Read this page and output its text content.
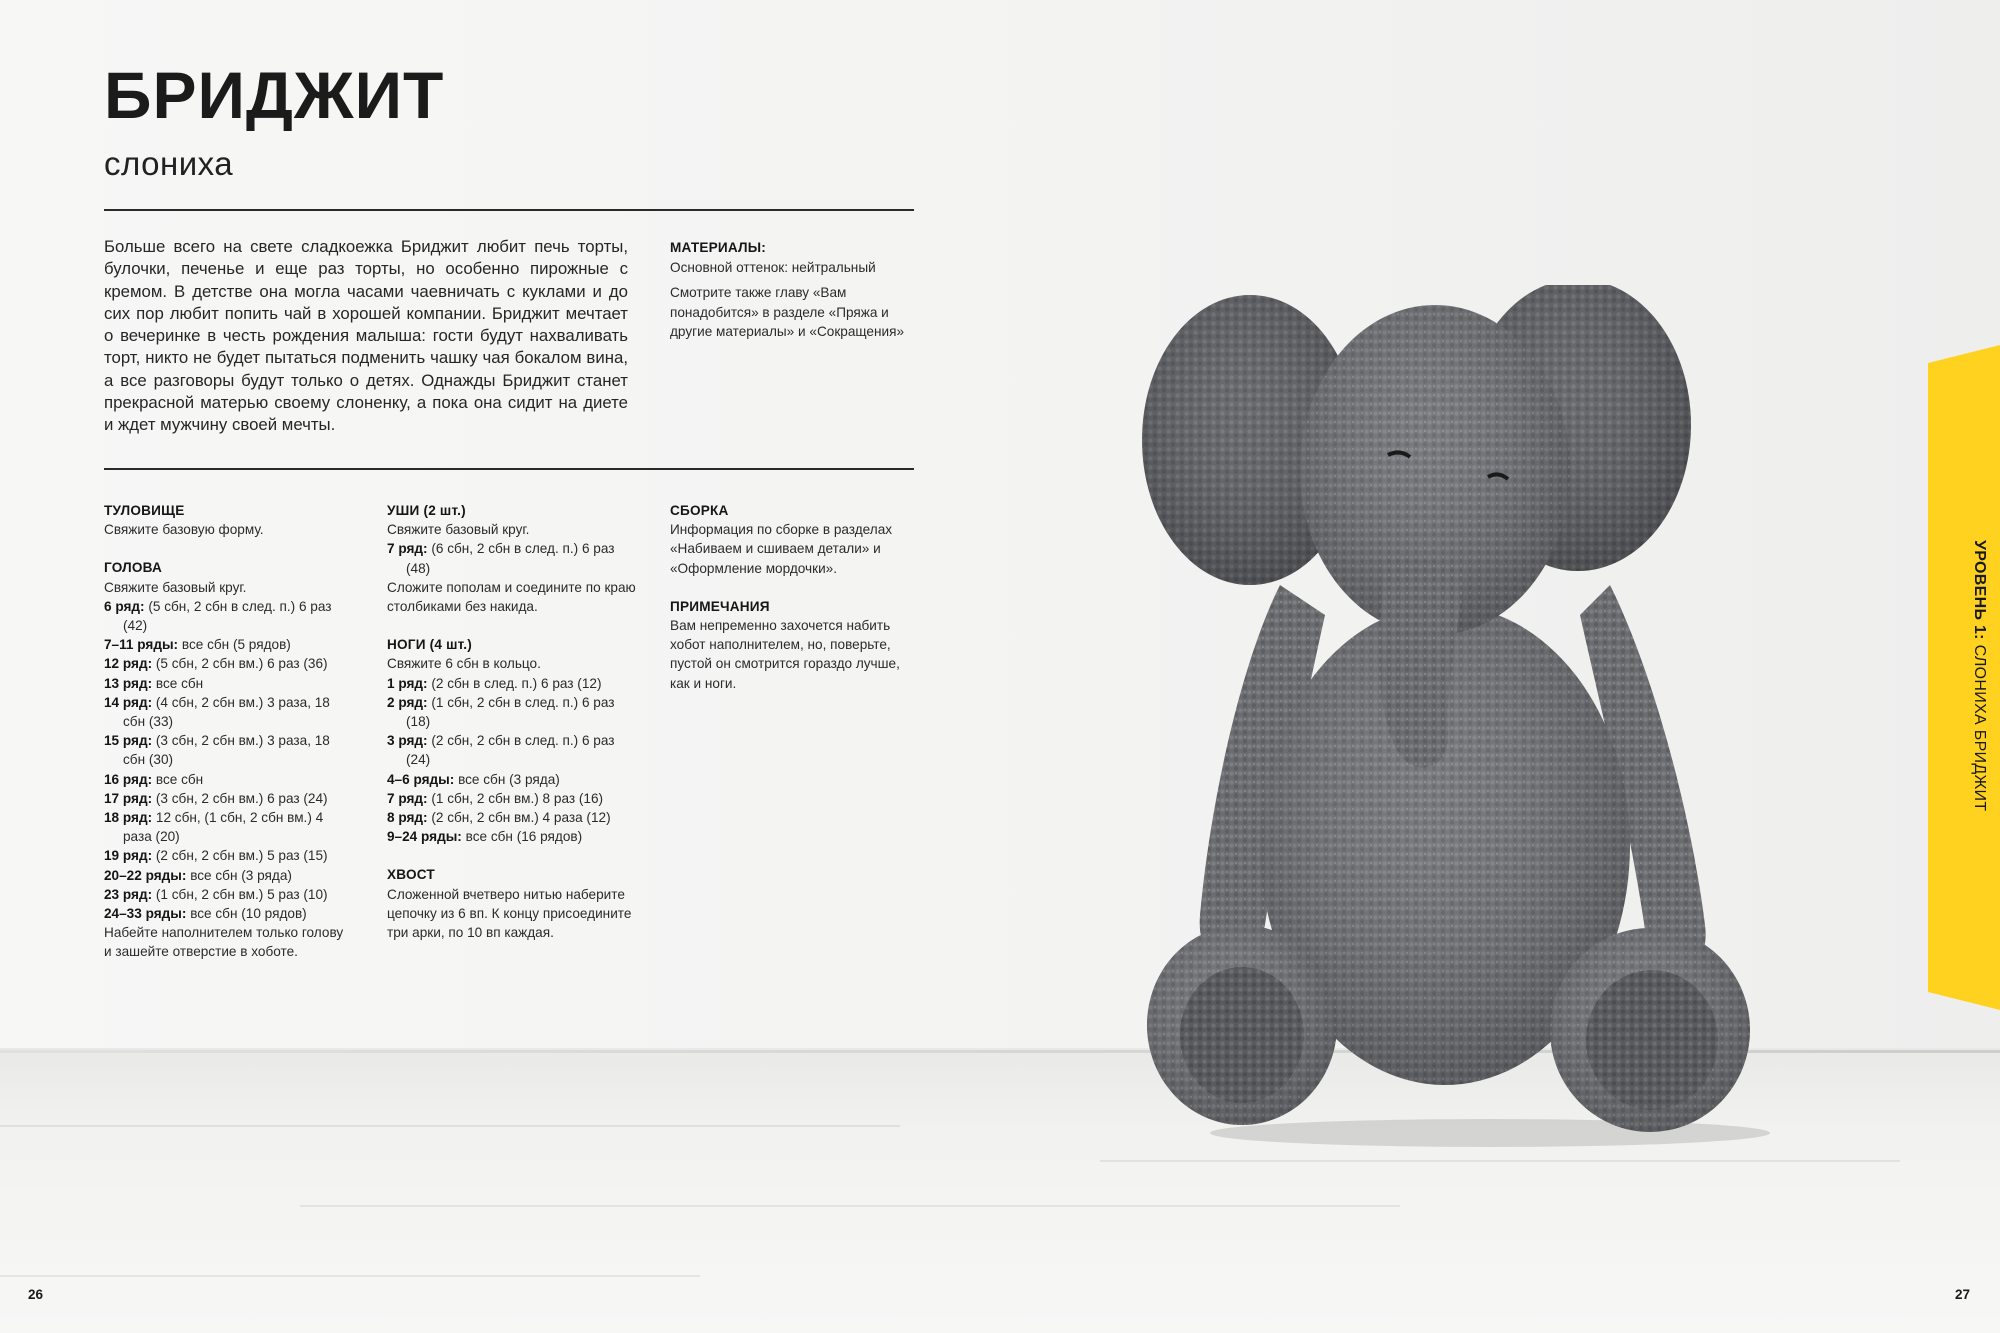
УРОВЕНЬ 1: СЛОНИХА БРИДЖИТ
БРИДЖИТ
слониха

Больше всего на свете сладкоежка Бриджит любит печь торты, булочки, печенье и еще раз торты, но особенно пирожные с кремом. В детстве она могла часами чаевничать с куклами и до сих пор любит попить чай в хорошей компании. Бриджит мечтает о вечеринке в честь рождения малыша: гости будут нахваливать торт, никто не будет пытаться подменить чашку чая бокалом вина, а все разговоры будут только о детях. Однажды Бриджит станет прекрасной матерью своему слоненку, а пока она сидит на диете и ждет мужчину своей мечты.

МАТЕРИАЛЫ:

Основной оттенок: нейтральный

Смотрите также главу «Вам понадобится» в разделе «Пряжа и другие материалы» и «Сокращения»

ТУЛОВИЩЕ

Свяжите базовую форму.

ГОЛОВА

Свяжите базовый круг.

6 ряд: (5 сбн, 2 сбн в след. п.) 6 раз (42)

7–11 ряды: все сбн (5 рядов)

12 ряд: (5 сбн, 2 сбн вм.) 6 раз (36)

13 ряд: все сбн

14 ряд: (4 сбн, 2 сбн вм.) 3 раза, 18 сбн (33)

15 ряд: (3 сбн, 2 сбн вм.) 3 раза, 18 сбн (30)

16 ряд: все сбн

17 ряд: (3 сбн, 2 сбн вм.) 6 раз (24)

18 ряд: 12 сбн, (1 сбн, 2 сбн вм.) 4 раза (20)

19 ряд: (2 сбн, 2 сбн вм.) 5 раз (15)

20–22 ряды: все сбн (3 ряда)

23 ряд: (1 сбн, 2 сбн вм.) 5 раз (10)

24–33 ряды: все сбн (10 рядов)

Набейте наполнителем только голову и зашейте отверстие в хоботе.

УШИ (2 шт.)

Свяжите базовый круг.

7 ряд: (6 сбн, 2 сбн в след. п.) 6 раз (48)

Сложите пополам и соедините по краю столбиками без накида.

НОГИ (4 шт.)

Свяжите 6 сбн в кольцо.

1 ряд: (2 сбн в след. п.) 6 раз (12)

2 ряд: (1 сбн, 2 сбн в след. п.) 6 раз (18)

3 ряд: (2 сбн, 2 сбн в след. п.) 6 раз (24)

4–6 ряды: все сбн (3 ряда)

7 ряд: (1 сбн, 2 сбн вм.) 8 раз (16)

8 ряд: (2 сбн, 2 сбн вм.) 4 раза (12)

9–24 ряды: все сбн (16 рядов)

ХВОСТ

Сложенной вчетверо нитью наберите цепочку из 6 вп. К концу присоедините три арки, по 10 вп каждая.

СБОРКА

Информация по сборке в разделах «Набиваем и сшиваем детали» и «Оформление мордочки».

ПРИМЕЧАНИЯ

Вам непременно захочется набить хобот наполнителем, но, поверьте, пустой он смотрится гораздо лучше, как и ноги.

26	27
